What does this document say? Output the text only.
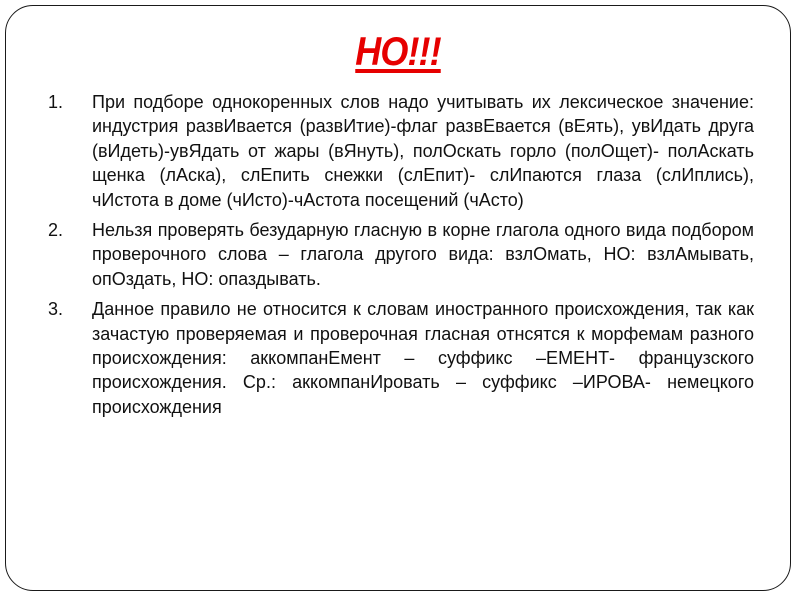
НО!!!
1. При подборе однокоренных слов надо учитывать их лексическое значение: индустрия развИвается (развИтие)-флаг развЕвается (вЕять), увИдать друга (вИдеть)-увЯдать от жары (вЯнуть), полОскать горло (полОщет)- полАскать щенка (лАска), слЕпить снежки (слЕпит)- слИпаются глаза (слИплись), чИстота в доме (чИсто)-чАстота посещений (чАсто)
2. Нельзя проверять безударную гласную в корне глагола одного вида подбором проверочного слова – глагола другого вида: взлОмать, НО: взлАмывать, опОздать, НО: опаздывать.
3. Данное правило не относится к словам иностранного происхождения, так как зачастую проверяемая и проверочная гласная отнсятся к морфемам разного происхождения: аккомпанЕмент – суффикс –ЕМЕНТ- французского происхождения. Ср.: аккомпанИровать – суффикс –ИРОВА- немецкого происхождения
